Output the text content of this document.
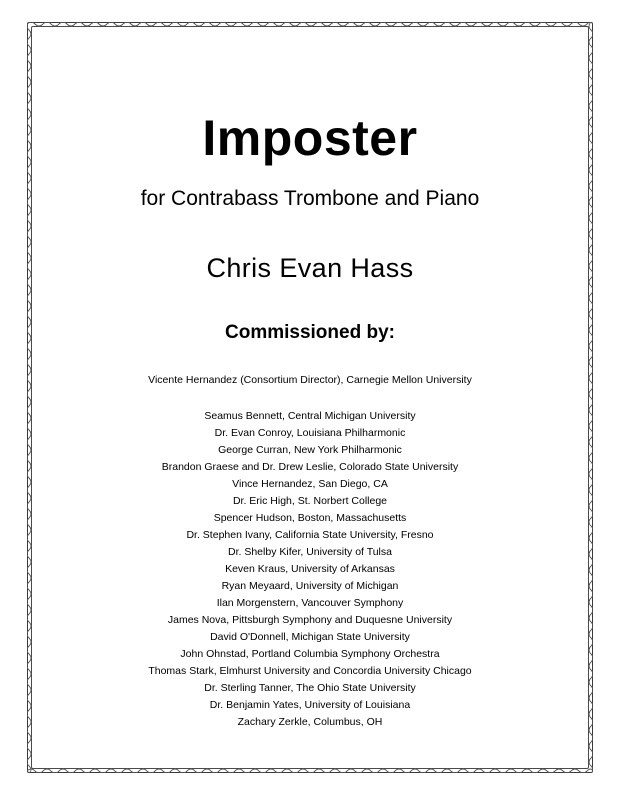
Imposter
for Contrabass Trombone and Piano
Chris Evan Hass
Commissioned by:
Vicente Hernandez (Consortium Director), Carnegie Mellon University
Seamus Bennett, Central Michigan University
Dr. Evan Conroy, Louisiana Philharmonic
George Curran, New York Philharmonic
Brandon Graese and Dr. Drew Leslie, Colorado State University
Vince Hernandez, San Diego, CA
Dr. Eric High, St. Norbert College
Spencer Hudson, Boston, Massachusetts
Dr. Stephen Ivany, California State University, Fresno
Dr. Shelby Kifer, University of Tulsa
Keven Kraus, University of Arkansas
Ryan Meyaard, University of Michigan
Ilan Morgenstern, Vancouver Symphony
James Nova, Pittsburgh Symphony and Duquesne University
David O'Donnell, Michigan State University
John Ohnstad, Portland Columbia Symphony Orchestra
Thomas Stark, Elmhurst University and Concordia University Chicago
Dr. Sterling Tanner, The Ohio State University
Dr. Benjamin Yates, University of Louisiana
Zachary Zerkle, Columbus, OH
